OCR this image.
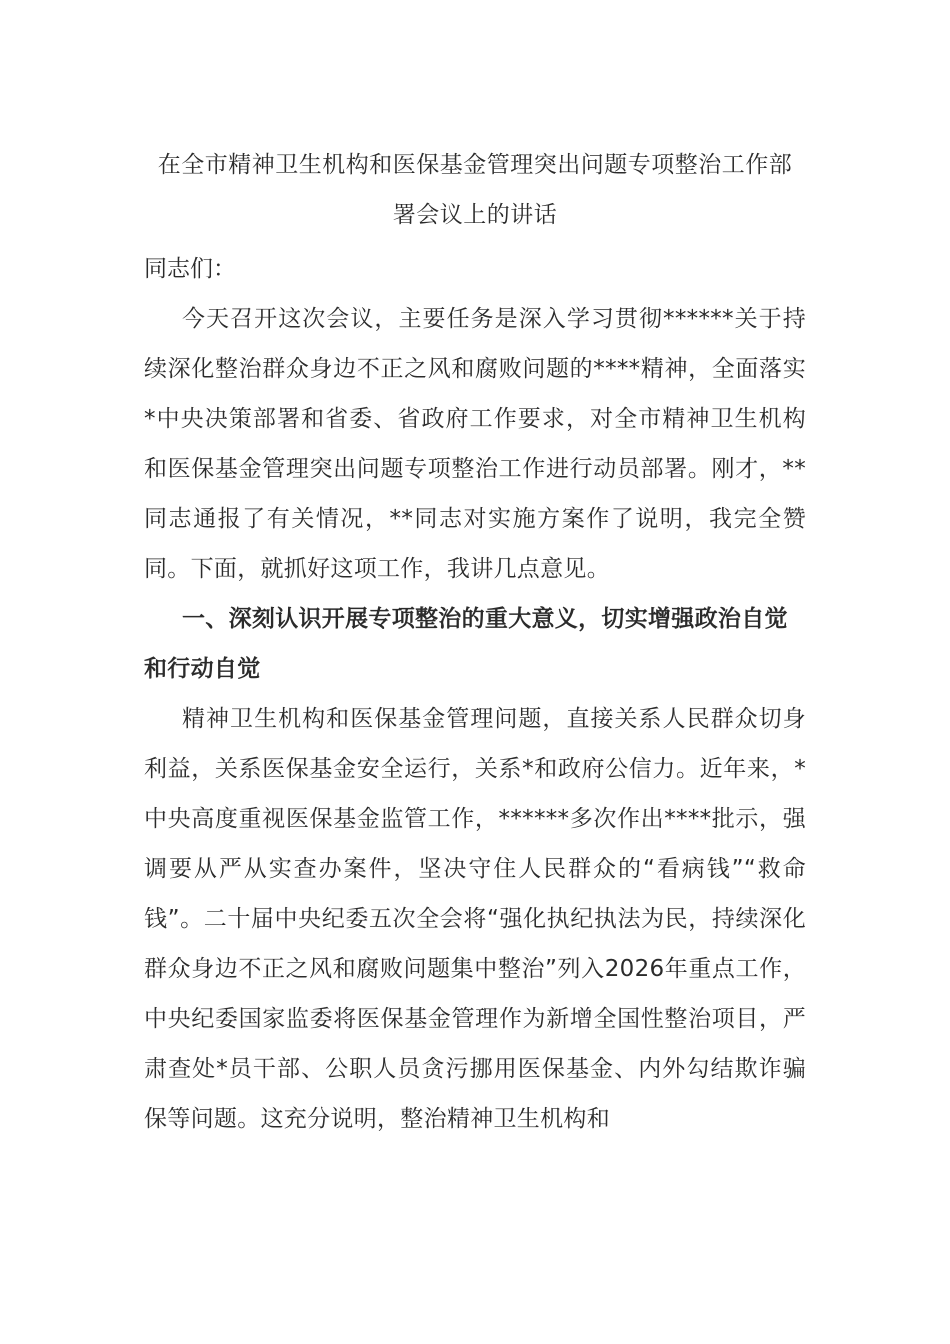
在全市精神卫生机构和医保基金管理突出问题专项整治工作部
署会议上的讲话

同志们：

今天召开这次会议，主要任务是深入学习贯彻******关于持续深化整治群众身边不正之风和腐败问题的****精神，全面落实*中央决策部署和省委、省政府工作要求，对全市精神卫生机构和医保基金管理突出问题专项整治工作进行动员部署。刚才，**同志通报了有关情况，**同志对实施方案作了说明，我完全赞同。下面，就抓好这项工作，我讲几点意见。

一、深刻认识开展专项整治的重大意义，切实增强政治自觉和行动自觉

精神卫生机构和医保基金管理问题，直接关系人民群众切身利益，关系医保基金安全运行，关系*和政府公信力。近年来，*中央高度重视医保基金监管工作，******多次作出****批示，强调要从严从实查办案件，坚决守住人民群众的“看病钱”“救命钱”。二十届中央纪委五次全会将“强化执纪执法为民，持续深化群众身边不正之风和腐败问题集中整治”列入2026年重点工作，中央纪委国家监委将医保基金管理作为新增全国性整治项目，严肃查处*员干部、公职人员贪污挪用医保基金、内外勾结欺诈骗保等问题。这充分说明，整治精神卫生机构和
